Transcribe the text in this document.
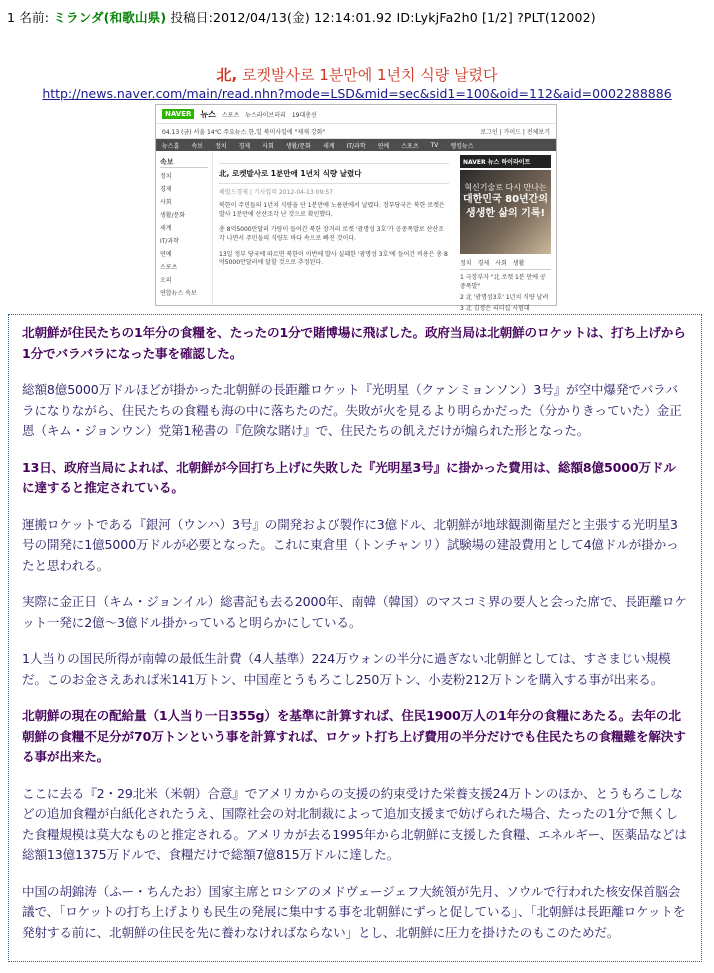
1 名前: ミランダ(和歌山県) 投稿日:2012/04/13(金) 12:14:01.92 ID:LykjFa2h0 [1/2] ?PLT(12002)
北, 로켓발사로 1분만에 1년치 식량 날렸다
http://news.naver.com/main/read.nhn?mode=LSD&mid=sec&sid1=100&oid=112&aid=0002288886
NAVER	뉴스 스포츠 뉴스라이브러리 19대총선
04.13 (금) 서울 14℃ 주요뉴스 한,일 북미사일에 "제재 강화"	로그인 | 가이드 | 전체보기
뉴스홈 속보 정치 경제 사회 생활/문화 세계 IT/과학 연예 스포츠 TV 랭킹뉴스
속보
정치
경제
사회
생활/문화
세계
IT/과학
연예
스포츠
오피
연합뉴스 속보
北, 로켓발사로 1분만에 1년치 식량 날렸다
헤럴드경제 | 기사입력 2012-04-13 09:57

북한이 주민들의 1년치 식량을 단 1분만에 노름판에서 날렸다. 정부당국은 북한 로켓은 발사 1분만에 산산조각 난 것으로 확인했다.

총 8억5000만달러 가량이 들어간 북한 장거리 로켓 '광명성 3호'가 공중폭발로 산산조각 나면서 주민들의 식량도 바다 속으로 빠진 것이다.

13일 정부 당국에 따르면 북한이 이번에 발사 실패한 '광명성 3호'에 들어간 비용은 총 8억5000만달러에 달할 것으로 추정된다.

NAVER 뉴스 하이라이트
혁신기술로 다시 만나는
대한민국 80년간의
생생한 삶의 기록!
정치 경제 사회 생활
1 극장부자 "北 로켓 1분 만에 공중폭발"
2 北 '광명성3호' 1년치 식량 날려
3 北 김정은 리더십 시험대

北朝鮮が住民たちの1年分の食糧を、たったの1分で賭博場に飛ばした。政府当局は北朝鮮のロケットは、打ち上げから1分でバラバラになった事を確認した。

総額8億5000万ドルほどが掛かった北朝鮮の長距離ロケット『光明星（クァンミョンソン）3号』が空中爆発でバラバラになりながら、住民たちの食糧も海の中に落ちたのだ。失敗が火を見るより明らかだった（分かりきっていた）金正恩（キム・ジョンウン）党第1秘書の『危険な賭け』で、住民たちの飢えだけが煽られた形となった。

13日、政府当局によれば、北朝鮮が今回打ち上げに失敗した『光明星3号』に掛かった費用は、総額8億5000万ドルに達すると推定されている。

運搬ロケットである『銀河（ウンハ）3号』の開発および製作に3億ドル、北朝鮮が地球観測衛星だと主張する光明星3号の開発に1億5000万ドルが必要となった。これに東倉里（トンチャンリ）試験場の建設費用として4億ドルが掛かったと思われる。

実際に金正日（キム・ジョンイル）総書記も去る2000年、南韓（韓国）のマスコミ界の要人と会った席で、長距離ロケット一発に2億～3億ドル掛かっていると明らかにしている。

1人当りの国民所得が南韓の最低生計費（4人基準）224万ウォンの半分に過ぎない北朝鮮としては、すさまじい規模だ。このお金さえあれば米141万トン、中国産とうもろこし250万トン、小麦粉212万トンを購入する事が出来る。

北朝鮮の現在の配給量（1人当り一日355g）を基準に計算すれば、住民1900万人の1年分の食糧にあたる。去年の北朝鮮の食糧不足分が70万トンという事を計算すれば、ロケット打ち上げ費用の半分だけでも住民たちの食糧難を解決する事が出来た。

ここに去る『2・29北米（米朝）合意』でアメリカからの支援の約束受けた栄養支援24万トンのほか、とうもろこしなどの追加食糧が白紙化されたうえ、国際社会の対北制裁によって追加支援まで妨げられた場合、たったの1分で無くした食糧規模は莫大なものと推定される。アメリカが去る1995年から北朝鮮に支援した食糧、エネルギー、医薬品などは総額13億1375万ドルで、食糧だけで総額7億815万ドルに達した。

中国の胡錦涛（ふー・ちんたお）国家主席とロシアのメドヴェージェフ大統領が先月、ソウルで行われた核安保首脳会議で、「ロケットの打ち上げよりも民生の発展に集中する事を北朝鮮にずっと促している」、「北朝鮮は長距離ロケットを発射する前に、北朝鮮の住民を先に養わなければならない」とし、北朝鮮に圧力を掛けたのもこのためだ。
